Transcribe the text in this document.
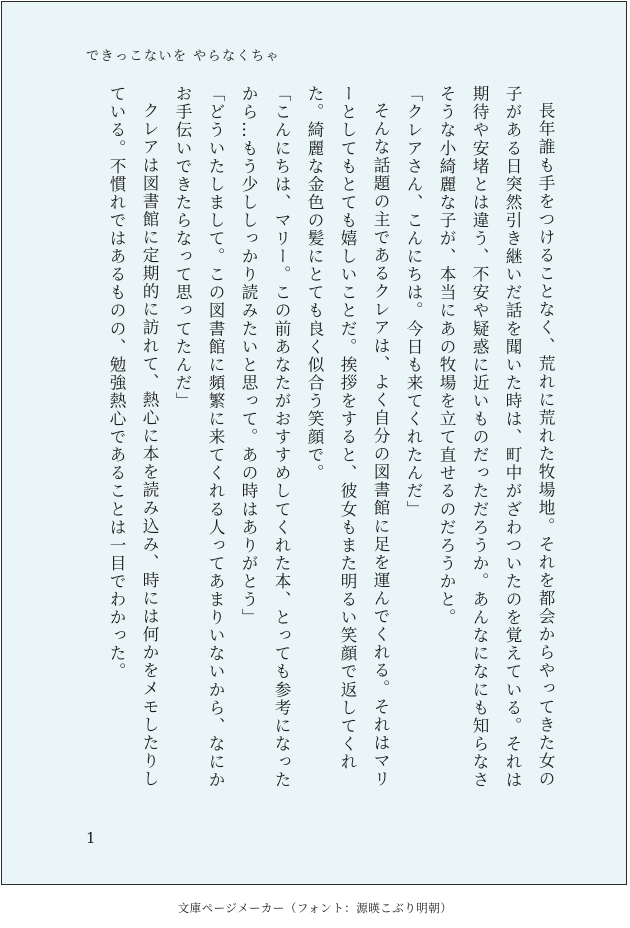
できっこないを やらなくちゃ

長年誰も手をつけることなく、荒れに荒れた牧場地。それを都会からやってきた女の子がある日突然引き継いだ話を聞いた時は、町中がざわついたのを覚えている。それは期待や安堵とは違う、不安や疑惑に近いものだっただろうか。あんなになにも知らなさそうな小綺麗な子が、本当にあの牧場を立て直せるのだろうかと。

「クレアさん、こんにちは。今日も来てくれたんだ」

そんな話題の主であるクレアは、よく自分の図書館に足を運んでくれる。それはマリーとしてもとても嬉しいことだ。挨拶をすると、彼女もまた明るい笑顔で返してくれた。綺麗な金色の髪にとても良く似合う笑顔で。

「こんにちは、マリー。この前あなたがおすすめしてくれた本、とっても参考になったから…もう少ししっかり読みたいと思って。あの時はありがとう」

「どういたしまして。この図書館に頻繁に来てくれる人ってあまりいないから、なにかお手伝いできたらなって思ってたんだ」

クレアは図書館に定期的に訪れて、熱心に本を読み込み、時には何かをメモしたりしている。不慣れではあるものの、勉強熱心であることは一目でわかった。

1
文庫ページメーカー（フォント：源暎こぶり明朝）
